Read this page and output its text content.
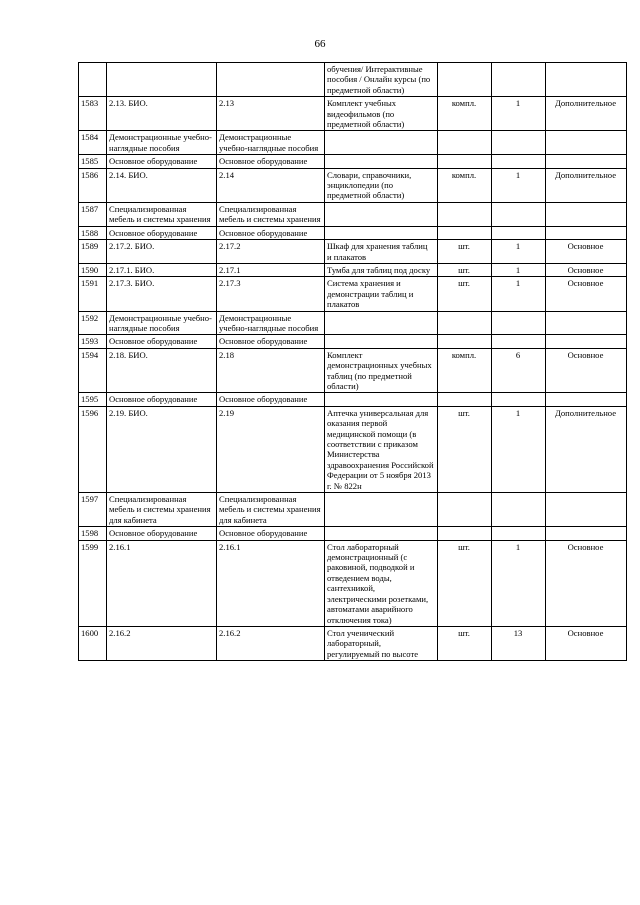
66
			обучения/ Интерактивные пособия / Онлайн курсы (по предметной области)			
1583	2.13. БИО.	2.13	Комплект учебных видеофильмов (по предметной области)	компл.	1	Дополнительное
1584	Демонстрационные учебно-наглядные пособия	Демонстрационные учебно-наглядные пособия				
1585	Основное оборудование	Основное оборудование				
1586	2.14. БИО.	2.14	Словари, справочники, энциклопедии (по предметной области)	компл.	1	Дополнительное
1587	Специализированная мебель и системы хранения	Специализированная мебель и системы хранения				
1588	Основное оборудование	Основное оборудование				
1589	2.17.2. БИО.	2.17.2	Шкаф для хранения таблиц и плакатов	шт.	1	Основное
1590	2.17.1. БИО.	2.17.1	Тумба для таблиц под доску	шт.	1	Основное
1591	2.17.3. БИО.	2.17.3	Система хранения и демонстрации таблиц и плакатов	шт.	1	Основное
1592	Демонстрационные учебно-наглядные пособия	Демонстрационные учебно-наглядные пособия				
1593	Основное оборудование	Основное оборудование				
1594	2.18. БИО.	2.18	Комплект демонстрационных учебных таблиц (по предметной области)	компл.	6	Основное
1595	Основное оборудование	Основное оборудование				
1596	2.19. БИО.	2.19	Аптечка универсальная для оказания первой медицинской помощи (в соответствии с приказом Министерства здравоохранения Российской Федерации от 5 ноября 2013 г. № 822н	шт.	1	Дополнительное
1597	Специализированная мебель и системы хранения для кабинета	Специализированная мебель и системы хранения для кабинета				
1598	Основное оборудование	Основное оборудование				
1599	2.16.1	2.16.1	Стол лабораторный демонстрационный (с раковиной, подводкой и отведением воды, сантехникой, электрическими розетками, автоматами аварийного отключения тока)	шт.	1	Основное
1600	2.16.2	2.16.2	Стол ученический лабораторный, регулируемый по высоте	шт.	13	Основное
